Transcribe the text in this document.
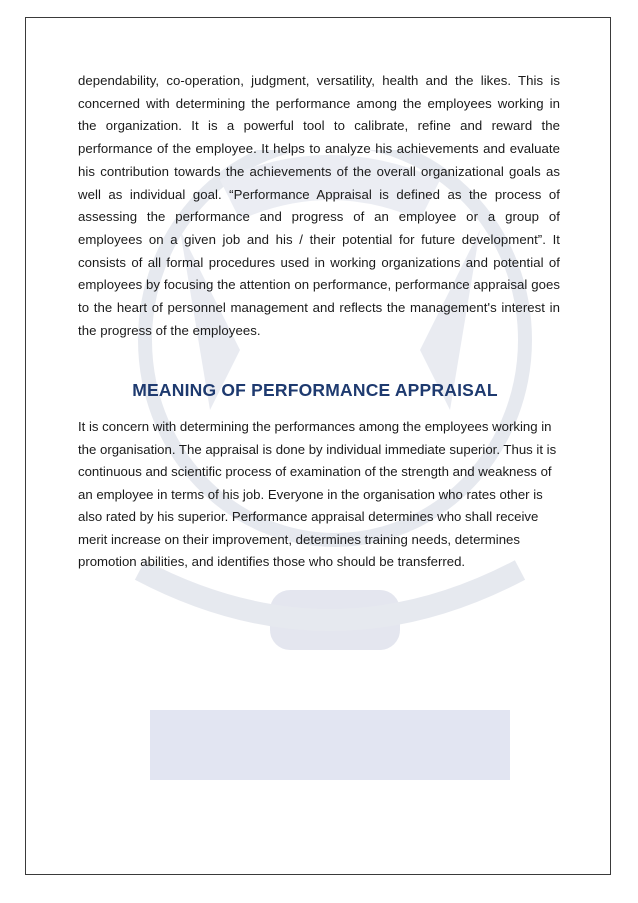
dependability, co-operation, judgment, versatility, health and the likes. This is concerned with determining the performance among the employees working in the organization. It is a powerful tool to calibrate, refine and reward the performance of the employee. It helps to analyze his achievements and evaluate his contribution towards the achievements of the overall organizational goals as well as individual goal. “Performance Appraisal is defined as the process of assessing the performance and progress of an employee or a group of employees on a given job and his / their potential for future development”. It consists of all formal procedures used in working organizations and potential of employees by focusing the attention on performance, performance appraisal goes to the heart of personnel management and reflects the management's interest in the progress of the employees.
MEANING OF PERFORMANCE APPRAISAL
It is concern with determining the performances among the employees working in the organisation. The appraisal is done by individual immediate superior. Thus it is continuous and scientific process of examination of the strength and weakness of an employee in terms of his job. Everyone in the organisation who rates other is also rated by his superior. Performance appraisal determines who shall receive merit increase on their improvement, determines training needs, determines promotion abilities, and identifies those who should be transferred.
